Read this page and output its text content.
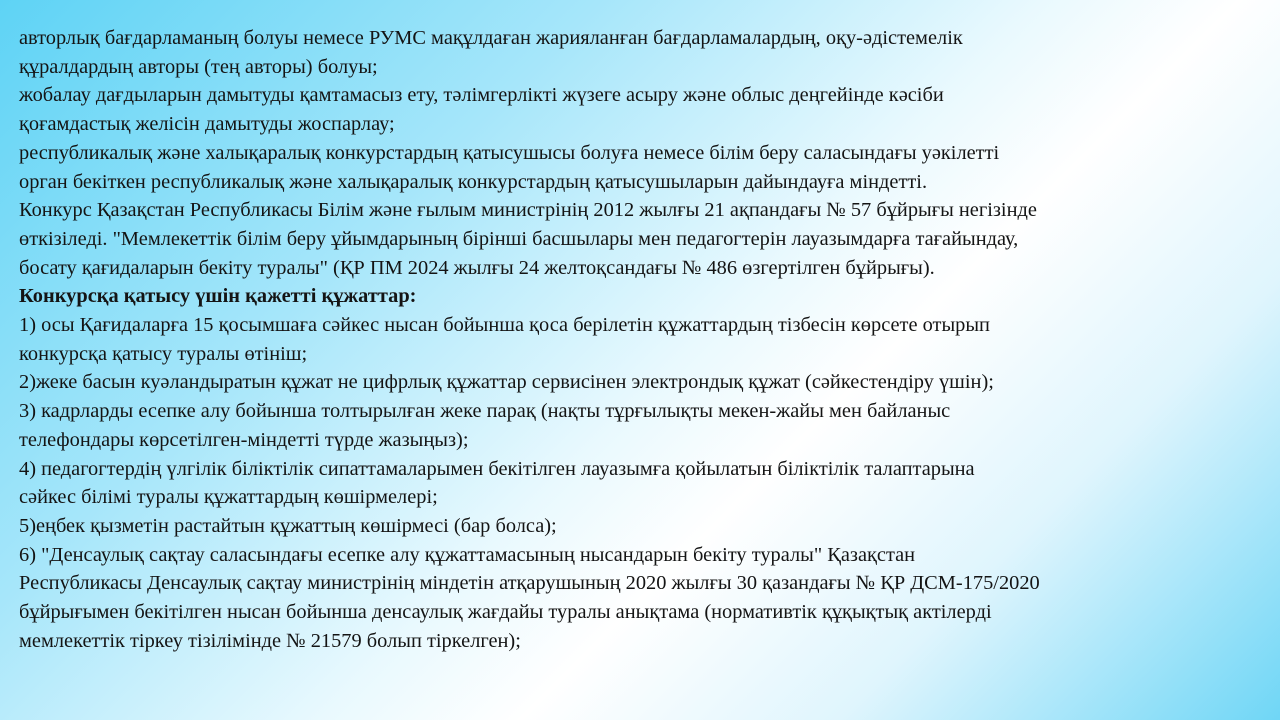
авторлық бағдарламаның болуы немесе РУМС мақұлдаған жарияланған бағдарламалардың, оқу-әдістемелік

құралдардың авторы (тең авторы) болуы;

жобалау дағдыларын дамытуды қамтамасыз ету, тәлімгерлікті жүзеге асыру және облыс деңгейінде кәсіби

қоғамдастық желісін дамытуды жоспарлау;

республикалық және халықаралық конкурстардың қатысушысы болуға немесе білім беру саласындағы уәкілетті

орган бекіткен республикалық және халықаралық конкурстардың қатысушыларын дайындауға міндетті.

Конкурс Қазақстан Республикасы Білім және ғылым министрінің 2012 жылғы 21 ақпандағы № 57 бұйрығы негізінде

өткізіледі. "Мемлекеттік білім беру ұйымдарының бірінші басшылары мен педагогтерін лауазымдарға тағайындау,

босату қағидаларын бекіту туралы" (ҚР ПМ 2024 жылғы 24 желтоқсандағы № 486 өзгертілген бұйрығы).

Конкурсқа қатысу үшін қажетті құжаттар:

1) осы Қағидаларға 15 қосымшаға сәйкес нысан бойынша қоса берілетін құжаттардың тізбесін көрсете отырып

конкурсқа қатысу туралы өтініш;

2)жеке басын куәландыратын құжат не цифрлық құжаттар сервисінен электрондық құжат (сәйкестендіру үшін);

3) кадрларды есепке алу бойынша толтырылған жеке парақ (нақты тұрғылықты мекен-жайы мен байланыс

телефондары көрсетілген-міндетті түрде жазыңыз);

4) педагогтердің үлгілік біліктілік сипаттамаларымен бекітілген лауазымға қойылатын біліктілік талаптарына

сәйкес білімі туралы құжаттардың көшірмелері;

5)еңбек қызметін растайтын құжаттың көшірмесі (бар болса);

6) "Денсаулық сақтау саласындағы есепке алу құжаттамасының нысандарын бекіту туралы" Қазақстан

Республикасы Денсаулық сақтау министрінің міндетін атқарушының 2020 жылғы 30 қазандағы № ҚР ДСМ-175/2020

бұйрығымен бекітілген нысан бойынша денсаулық жағдайы туралы анықтама (нормативтік құқықтық актілерді

мемлекеттік тіркеу тізілімінде № 21579 болып тіркелген);
